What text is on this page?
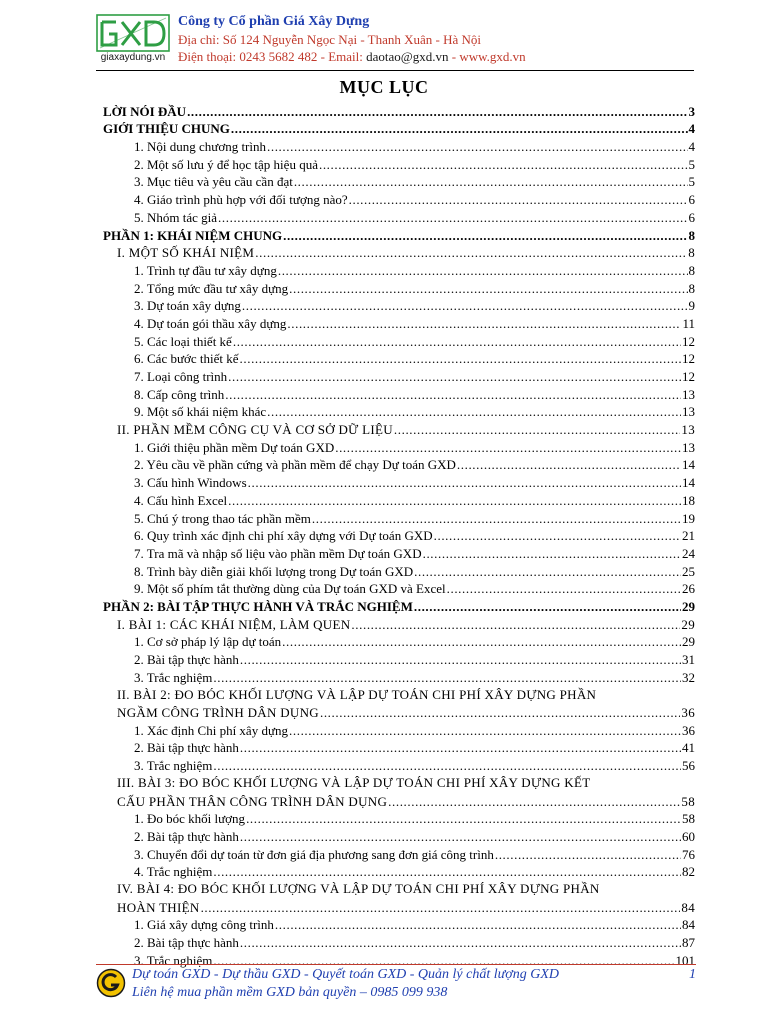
giaxaydung.vn
Công ty Cổ phần Giá Xây Dựng
Địa chỉ: Số 124 Nguyễn Ngọc Nại - Thanh Xuân - Hà Nội
Điện thoại: 0243 5682 482 - Email: daotao@gxd.vn - www.gxd.vn
MỤC LỤC
LỜI NÓI ĐẦU .....	3
GIỚI THIỆU CHUNG .....	4
1. Nội dung chương trình .....	4
2. Một số lưu ý để học tập hiệu quả .....	5
3. Mục tiêu và yêu cầu cần đạt .....	5
4. Giáo trình phù hợp với đối tượng nào? .....	6
5. Nhóm tác giả .....	6
PHẦN 1: KHÁI NIỆM CHUNG .....	8
I. MỘT SỐ KHÁI NIỆM .....	8
1. Trình tự đầu tư xây dựng .....	8
2. Tổng mức đầu tư xây dựng .....	8
3. Dự toán xây dựng .....	9
4. Dự toán gói thầu xây dựng .....	11
5. Các loại thiết kế .....	12
6. Các bước thiết kế .....	12
7. Loại công trình .....	12
8. Cấp công trình .....	13
9. Một số khái niệm khác .....	13
II. PHẦN MỀM CÔNG CỤ VÀ CƠ SỞ DỮ LIỆU .....	13
1. Giới thiệu phần mềm Dự toán GXD .....	13
2. Yêu cầu về phần cứng và phần mềm để chạy Dự toán GXD .....	14
3. Cấu hình Windows .....	14
4. Cấu hình Excel .....	18
5. Chú ý trong thao tác phần mềm .....	19
6. Quy trình xác định chi phí xây dựng với Dự toán GXD .....	21
7. Tra mã và nhập số liệu vào phần mềm Dự toán GXD .....	24
8. Trình bày diễn giải khối lượng trong Dự toán GXD .....	25
9. Một số phím tắt thường dùng của Dự toán GXD và Excel .....	26
PHẦN 2: BÀI TẬP THỰC HÀNH VÀ TRẮC NGHIỆM .....	29
I. BÀI 1: CÁC KHÁI NIỆM, LÀM QUEN .....	29
1. Cơ sở pháp lý lập dự toán .....	29
2. Bài tập thực hành .....	31
3. Trắc nghiệm .....	32
II. BÀI 2: ĐO BÓC KHỐI LƯỢNG VÀ LẬP DỰ TOÁN CHI PHÍ XÂY DỰNG PHẦN
NGẦM CÔNG TRÌNH DÂN DỤNG .....	36
1. Xác định Chi phí xây dựng .....	36
2. Bài tập thực hành .....	41
3. Trắc nghiệm .....	56
III. BÀI 3: ĐO BÓC KHỐI LƯỢNG VÀ LẬP DỰ TOÁN CHI PHÍ XÂY DỰNG KẾT
CẤU PHẦN THÂN CÔNG TRÌNH DÂN DỤNG .....	58
1. Đo bóc khối lượng .....	58
2. Bài tập thực hành .....	60
3. Chuyển đổi dự toán từ đơn giá địa phương sang đơn giá công trình .....	76
4. Trắc nghiệm .....	82
IV. BÀI 4: ĐO BÓC KHỐI LƯỢNG VÀ LẬP DỰ TOÁN CHI PHÍ XÂY DỰNG PHẦN
HOÀN THIỆN .....	84
1. Giá xây dựng công trình .....	84
2. Bài tập thực hành .....	87
3. Trắc nghiệm .....	101
Dự toán GXD - Dự thầu GXD - Quyết toán GXD - Quản lý chất lượng GXD
Liên hệ mua phần mềm GXD bản quyền – 0985 099 938
1
